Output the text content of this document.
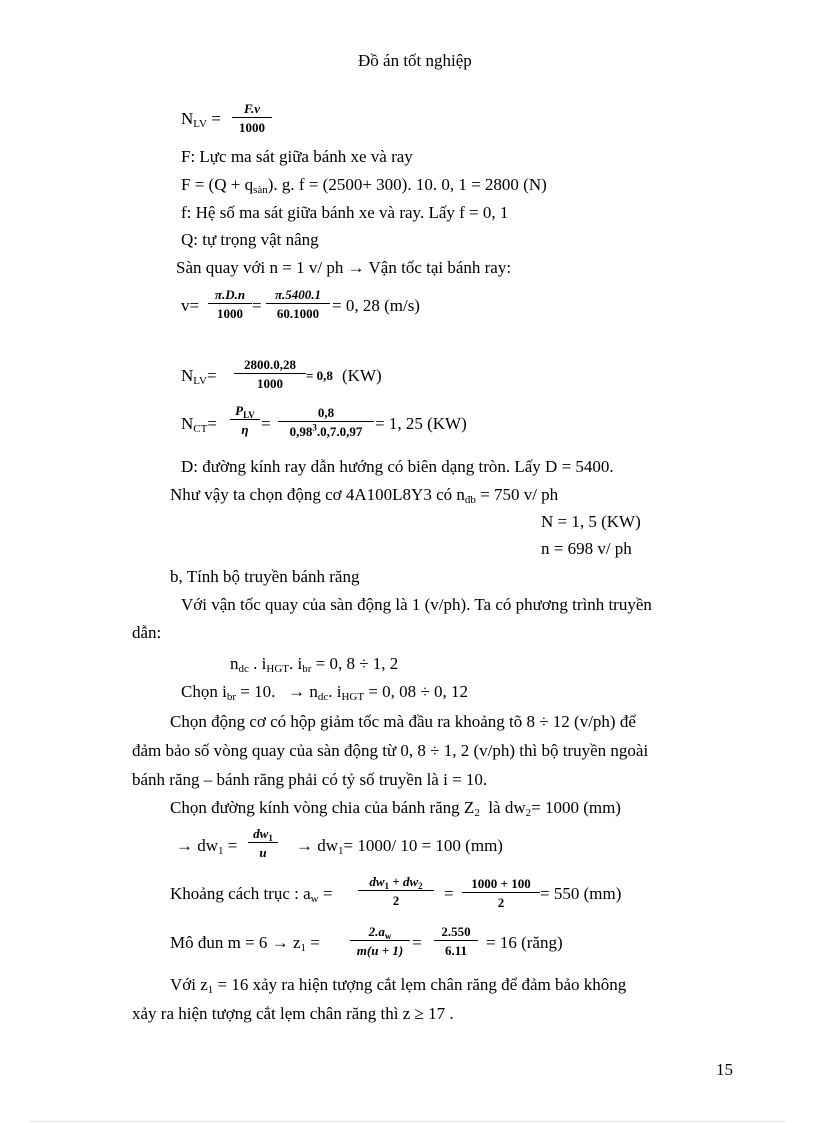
Đồ án tốt nghiệp
$N_{LV} = \frac{F.v}{1000}$
F: Lực ma sát giữa bánh xe và ray
$F = (Q + q_{sàn})$. g. f = (2500+ 300). 10. 0, 1 = 2800 (N)
f: Hệ số ma sát giữa bánh xe và ray. Lấy f = 0, 1
Q: tự trọng vật nâng
Sàn quay với n = 1 v/ ph → Vận tốc tại bánh ray:
$v= \frac{\pi.D.n}{1000} = \frac{\pi.5400.1}{60.1000} = 0$, 28 (m/s)
$N_{LV}= \frac{2800.0,28}{1000} = 0,8$ (KW)
$N_{CT}=$
$P_{LV}$
$\eta = \frac{0,8}{0,98^3.0,7.0,97} = 1$, 25 (KW)
D: đường kính ray dẫn hướng có biên dạng tròn. Lấy D = 5400.
Như vậy ta chọn động cơ 4A100L8Y3 có $n_{đb} = 750$ v/ ph
N = 1, 5 (KW)
n = 698 v/ ph
b, Tính bộ truyền bánh răng
Với vận tốc quay của sàn động là 1 (v/ph). Ta có phương trình truyền
dẫn:
$n_{dc}$ . $i_{HGT}$. $i_{br} = 0$, 8 ÷ 1, 2
Chọn $i_{br} = 10$.   → $n_{dc}$. $i_{HGT} = 0$, 08 ÷ 0, 12
Chọn động cơ có hộp giảm tốc mà đầu ra khoảng tõ 8 ÷ 12 (v/ph) để
đảm bảo số vòng quay của sàn động từ 0, 8 ÷ 1, 2 (v/ph) thì bộ truyền ngoài
bánh răng – bánh răng phải có tỷ số truyền là i = 10.
Chọn đường kính vòng chia của bánh răng $Z_2$  là $dw_2= 1000$ (mm)
→ $dw_1 = \frac{dw_1}{u} \to dw_1= 1000/$ 10 = 100 (mm)
Khoảng cách trục : $a_w = \frac{dw_1 + dw_2}{2} = \frac{1000 + 100}{2} = 550$ (mm)
Mô đun $m = 6 \to z_1 = \frac{2.a_w}{m(u + 1)} = \frac{2.550}{6.11} = 16$ (răng)
Với $z_1 = 16$ xảy ra hiện tượng cắt lẹm chân răng để đảm bảo không
xảy ra hiện tượng cắt lẹm chân răng thì z ≥ 17 .
15
